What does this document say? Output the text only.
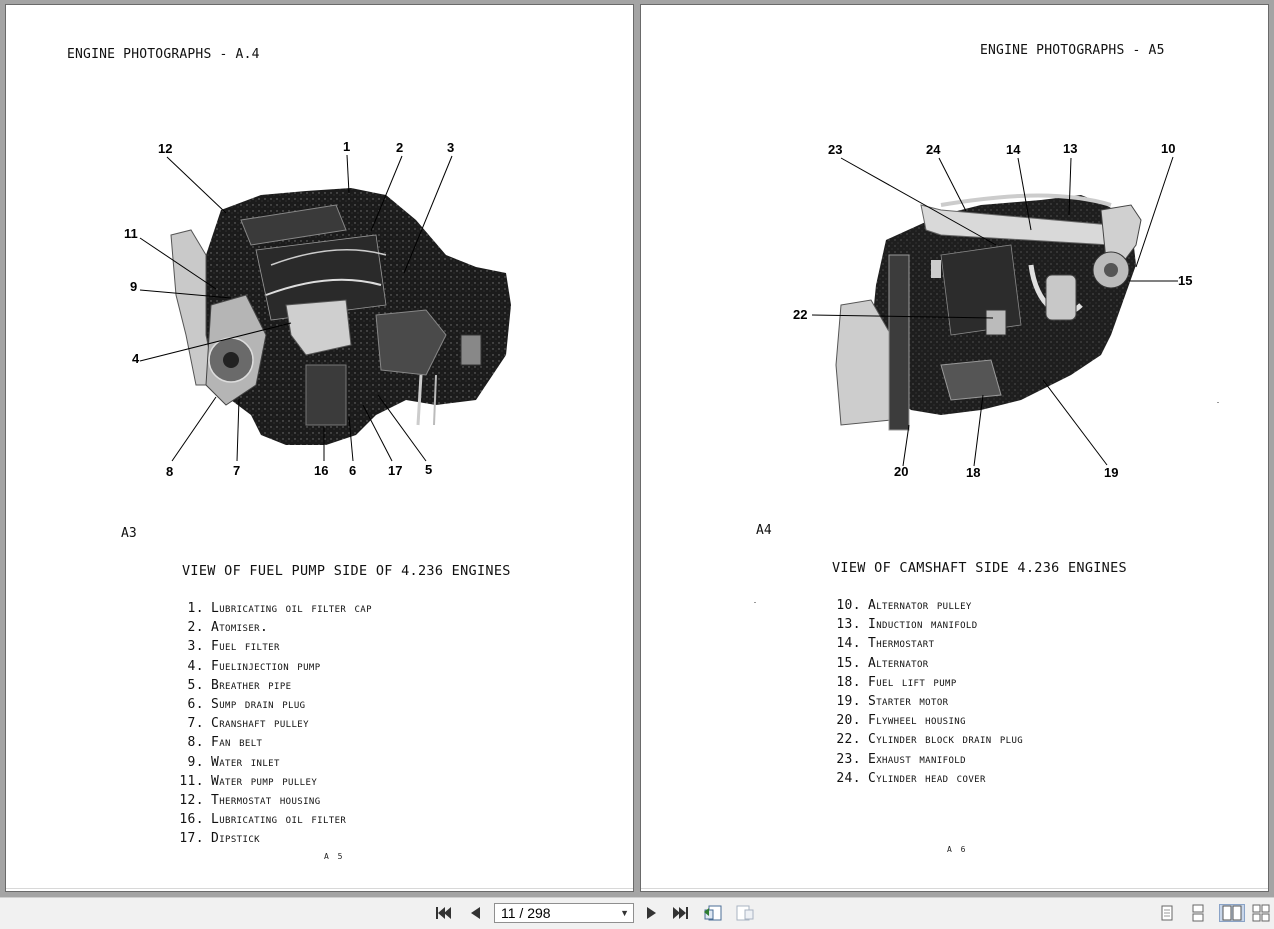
ENGINE PHOTOGRAPHS - A.4
12	1	2	3
11
9
4
8	7	16 6 17 5
A3
VIEW OF FUEL PUMP SIDE OF 4.236 ENGINES
1. Lubricating oil filter cap
2. Atomiser.
3. Fuel filter
4. Fuelinjection pump
5. Breather pipe
6. Sump drain plug
7. Cranshaft pulley
8. Fan belt
9. Water inlet
11. Water pump pulley
12. Thermostat housing
16. Lubricating oil filter
17. Dipstick
A 5
ENGINE PHOTOGRAPHS - A5
23	24	14	13	10
15
22
20	18	19
A4
VIEW OF CAMSHAFT SIDE 4.236 ENGINES
10. Alternator pulley
13. Induction manifold
14. Thermostart
15. Alternator
18. Fuel lift pump
19. Starter motor
20. Flywheel housing
22. Cylinder block drain plug
23. Exhaust manifold
24. Cylinder head cover
A 6
11 / 298	▼
